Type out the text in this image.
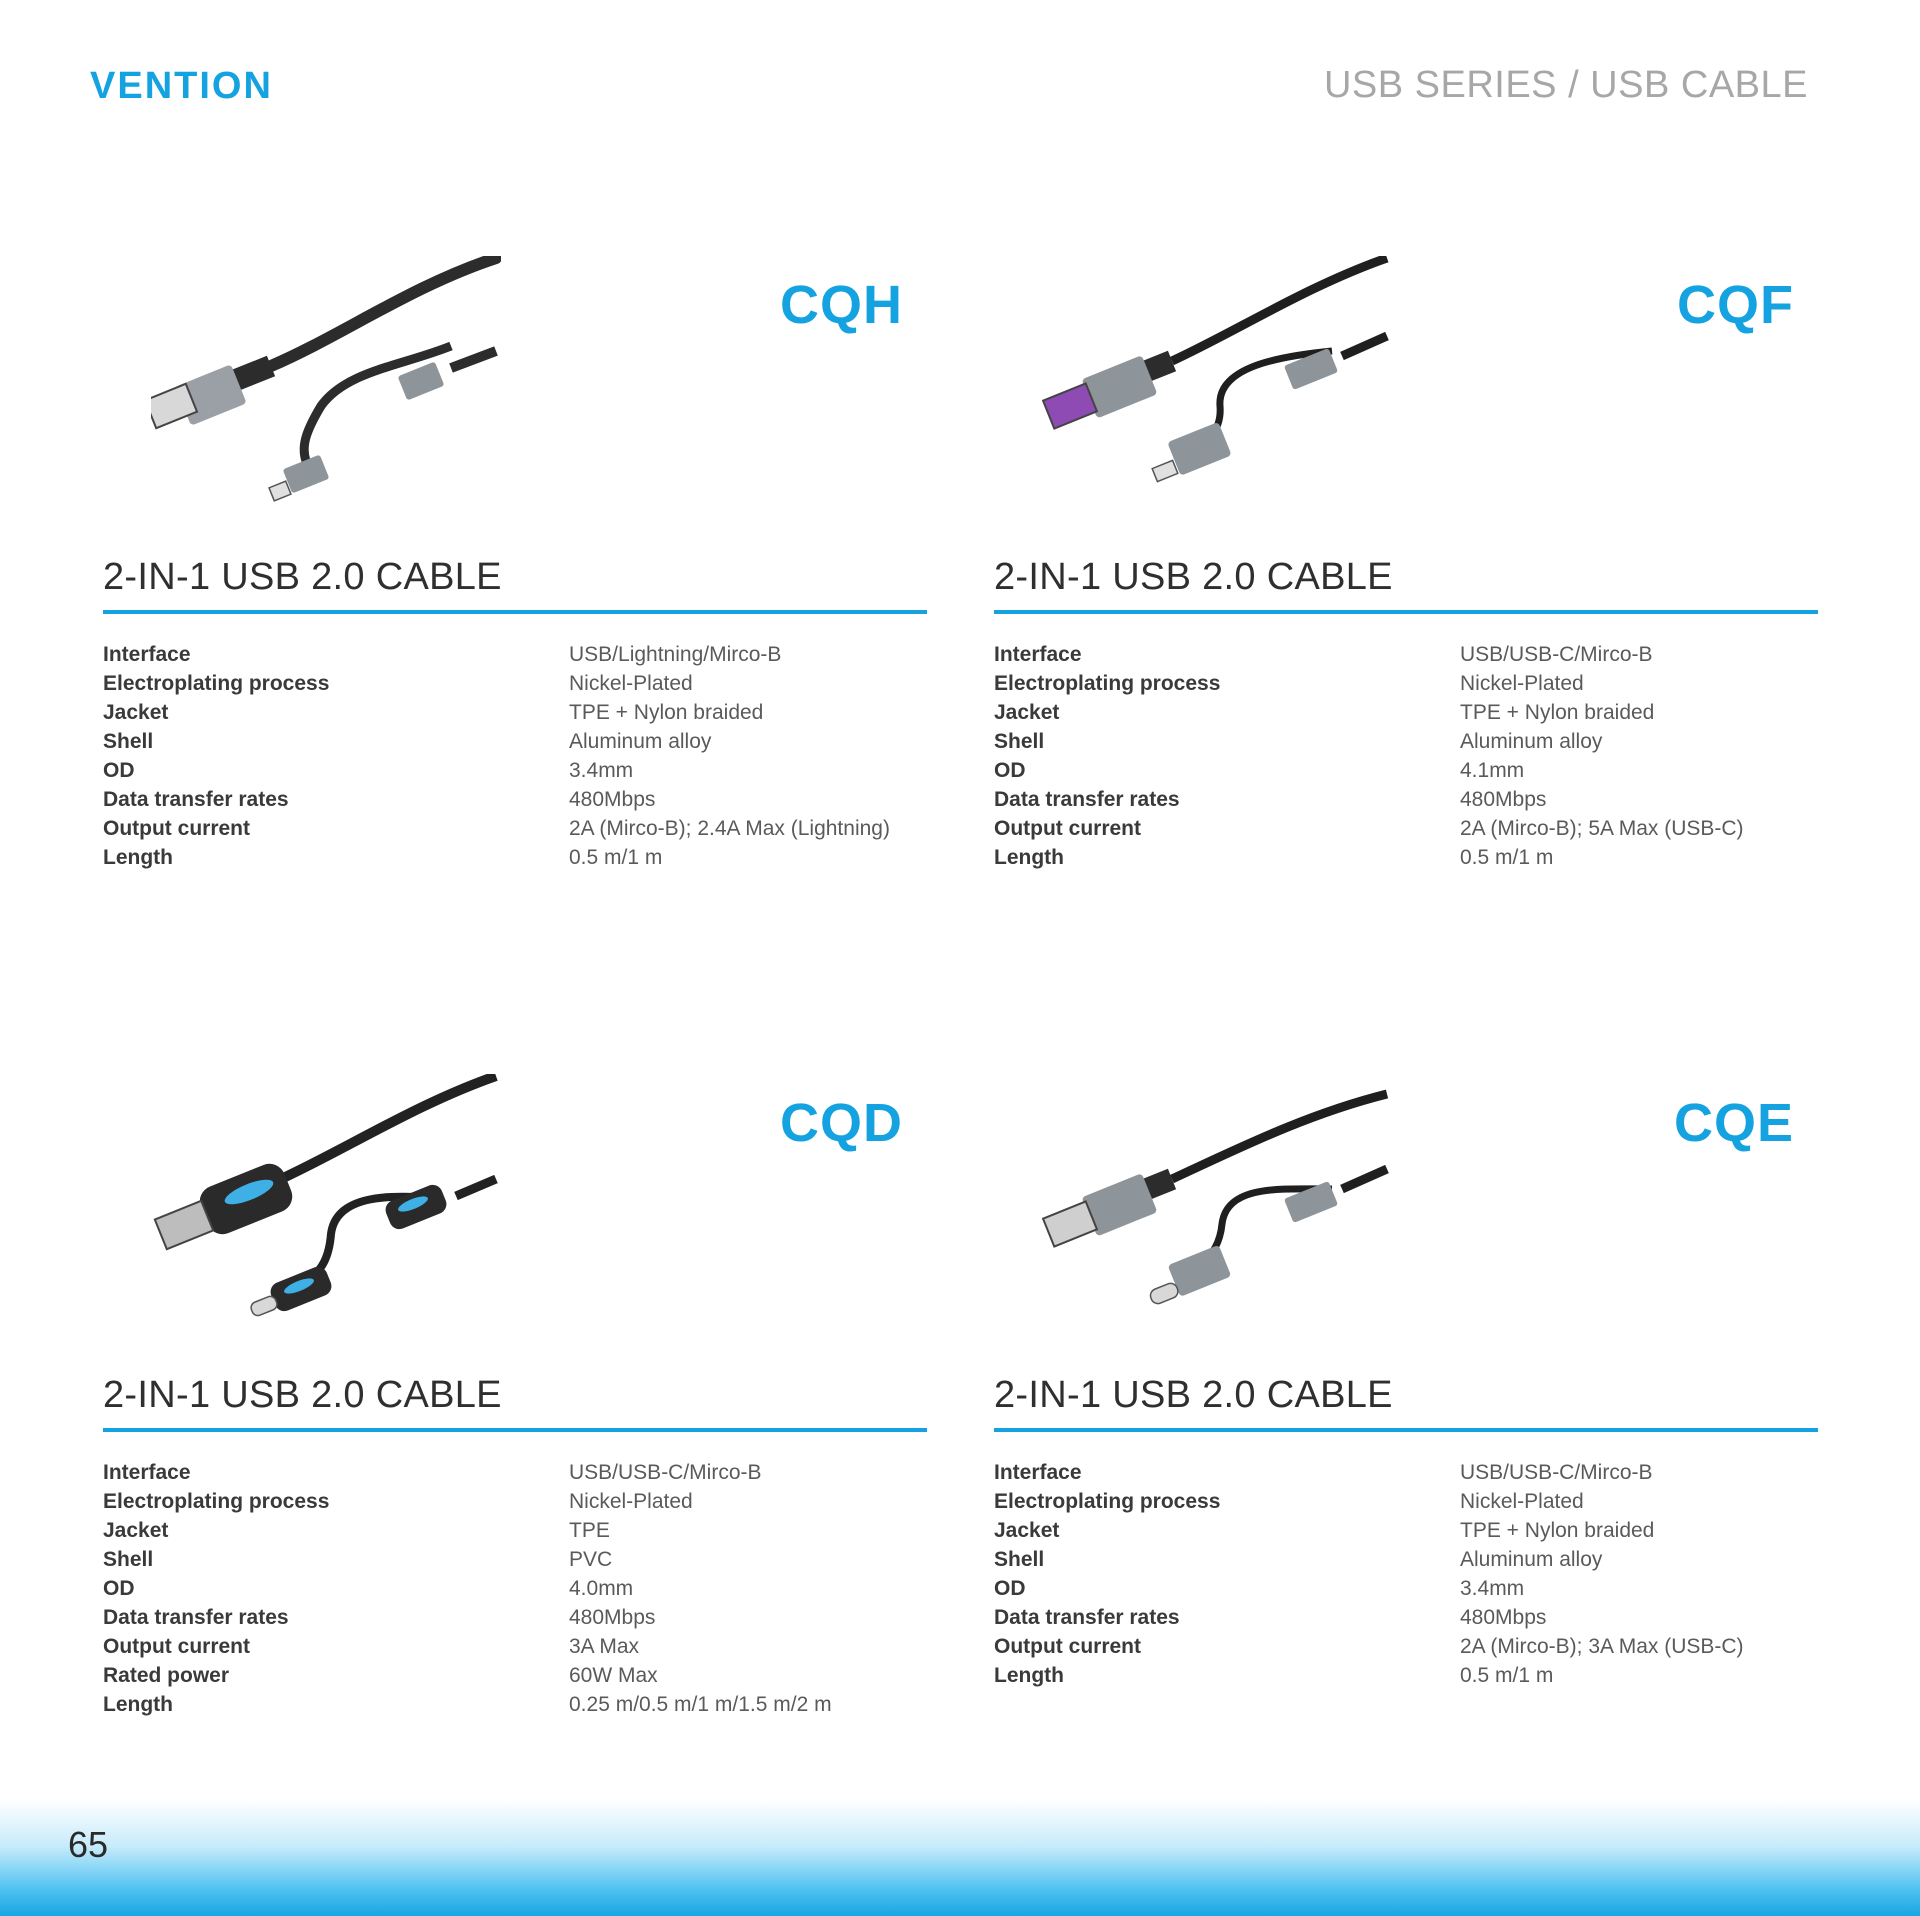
VENTION	USB SERIES / USB CABLE
CQH
2-IN-1 USB 2.0 CABLE
Interface	USB/Lightning/Mirco-B
Electroplating process	Nickel-Plated
Jacket	TPE + Nylon braided
Shell	Aluminum alloy
OD	3.4mm
Data transfer rates	480Mbps
Output current	2A (Mirco-B); 2.4A Max (Lightning)
Length	0.5 m/1 m
CQF
2-IN-1 USB 2.0 CABLE
Interface	USB/USB-C/Mirco-B
Electroplating process	Nickel-Plated
Jacket	TPE + Nylon braided
Shell	Aluminum alloy
OD	4.1mm
Data transfer rates	480Mbps
Output current	2A (Mirco-B); 5A Max (USB-C)
Length	0.5 m/1 m
CQD
2-IN-1 USB 2.0 CABLE
Interface	USB/USB-C/Mirco-B
Electroplating process	Nickel-Plated
Jacket	TPE
Shell	PVC
OD	4.0mm
Data transfer rates	480Mbps
Output current	3A Max
Rated power	60W Max
Length	0.25 m/0.5 m/1 m/1.5 m/2 m
CQE
2-IN-1 USB 2.0 CABLE
Interface	USB/USB-C/Mirco-B
Electroplating process	Nickel-Plated
Jacket	TPE + Nylon braided
Shell	Aluminum alloy
OD	3.4mm
Data transfer rates	480Mbps
Output current	2A (Mirco-B); 3A Max (USB-C)
Length	0.5 m/1 m
65
